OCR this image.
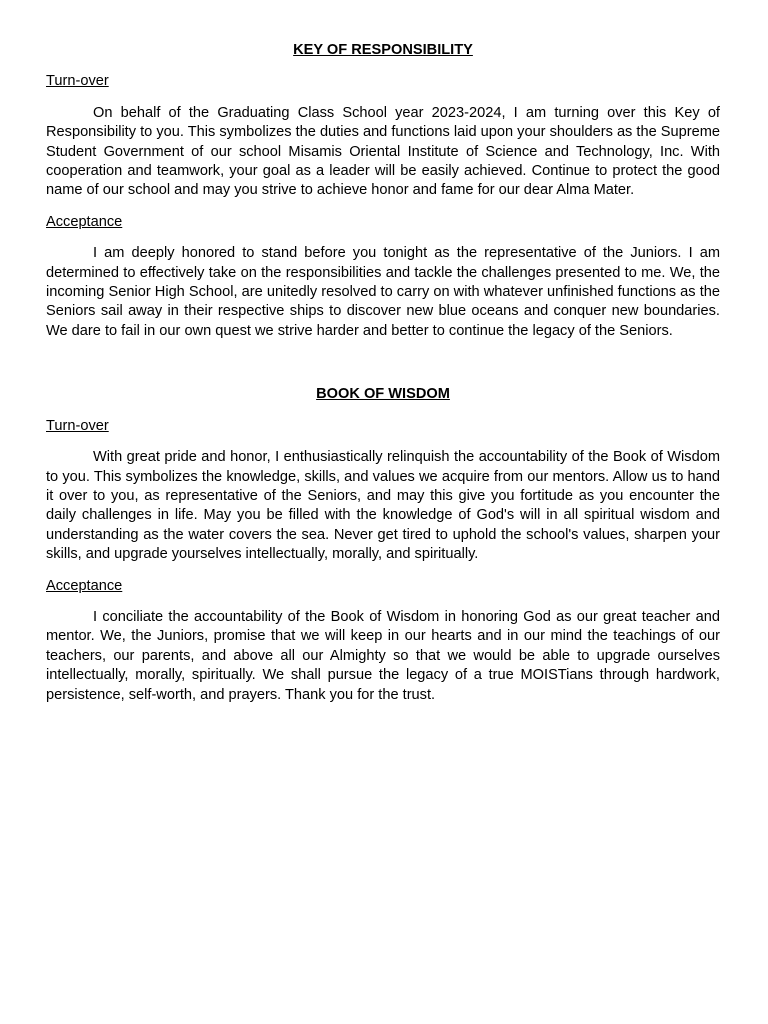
KEY OF RESPONSIBILITY

Turn-over

On behalf of the Graduating Class School year 2023-2024, I am turning over this Key of Responsibility to you. This symbolizes the duties and functions laid upon your shoulders as the Supreme Student Government of our school Misamis Oriental Institute of Science and Technology, Inc. With cooperation and teamwork, your goal as a leader will be easily achieved. Continue to protect the good name of our school and may you strive to achieve honor and fame for our dear Alma Mater.

Acceptance

I am deeply honored to stand before you tonight as the representative of the Juniors. I am determined to effectively take on the responsibilities and tackle the challenges presented to me. We, the incoming Senior High School, are unitedly resolved to carry on with whatever unfinished functions as the Seniors sail away in their respective ships to discover new blue oceans and conquer new boundaries. We dare to fail in our own quest we strive harder and better to continue the legacy of the Seniors.

BOOK OF WISDOM

Turn-over

With great pride and honor, I enthusiastically relinquish the accountability of the Book of Wisdom to you. This symbolizes the knowledge, skills, and values we acquire from our mentors. Allow us to hand it over to you, as representative of the Seniors, and may this give you fortitude as you encounter the daily challenges in life. May you be filled with the knowledge of God's will in all spiritual wisdom and understanding as the water covers the sea. Never get tired to uphold the school's values, sharpen your skills, and upgrade yourselves intellectually, morally, and spiritually.

Acceptance

I conciliate the accountability of the Book of Wisdom in honoring God as our great teacher and mentor. We, the Juniors, promise that we will keep in our hearts and in our mind the teachings of our teachers, our parents, and above all our Almighty so that we would be able to upgrade ourselves intellectually, morally, spiritually. We shall pursue the legacy of a true MOISTians through hardwork, persistence, self-worth, and prayers. Thank you for the trust.
